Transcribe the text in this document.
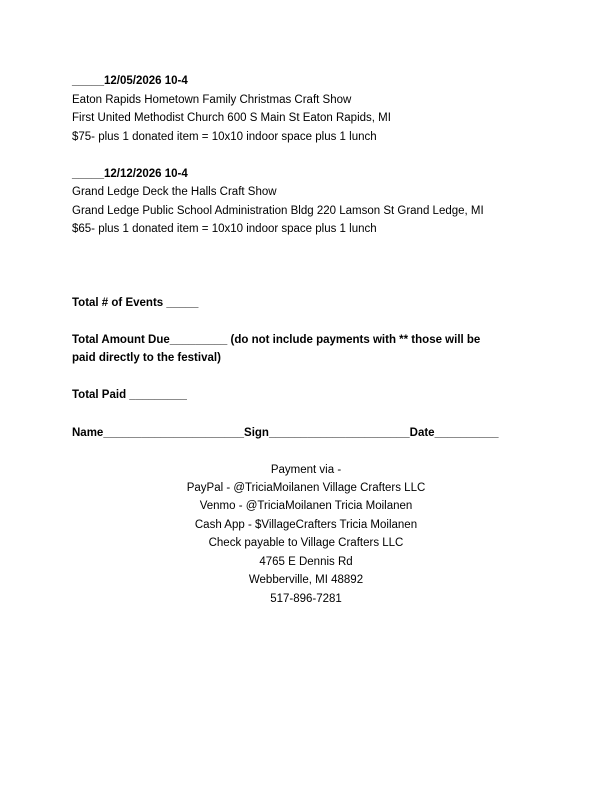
_____12/05/2026 10-4
Eaton Rapids Hometown Family Christmas Craft Show
First United Methodist Church 600 S Main St Eaton Rapids, MI
$75- plus 1 donated item = 10x10 indoor space plus 1 lunch
_____12/12/2026 10-4
Grand Ledge Deck the Halls Craft Show
Grand Ledge Public School Administration Bldg 220 Lamson St Grand Ledge, MI
$65- plus 1 donated item = 10x10 indoor space plus 1 lunch
Total # of Events _____
Total Amount Due_________ (do not include payments with ** those will be
paid directly to the festival)
Total Paid _________
Name______________________Sign______________________Date__________
Payment via -
PayPal - @TriciaMoilanen Village Crafters LLC
Venmo - @TriciaMoilanen Tricia Moilanen
Cash App - $VillageCrafters Tricia Moilanen
Check payable to Village Crafters LLC
4765 E Dennis Rd
Webberville, MI 48892
517-896-7281
